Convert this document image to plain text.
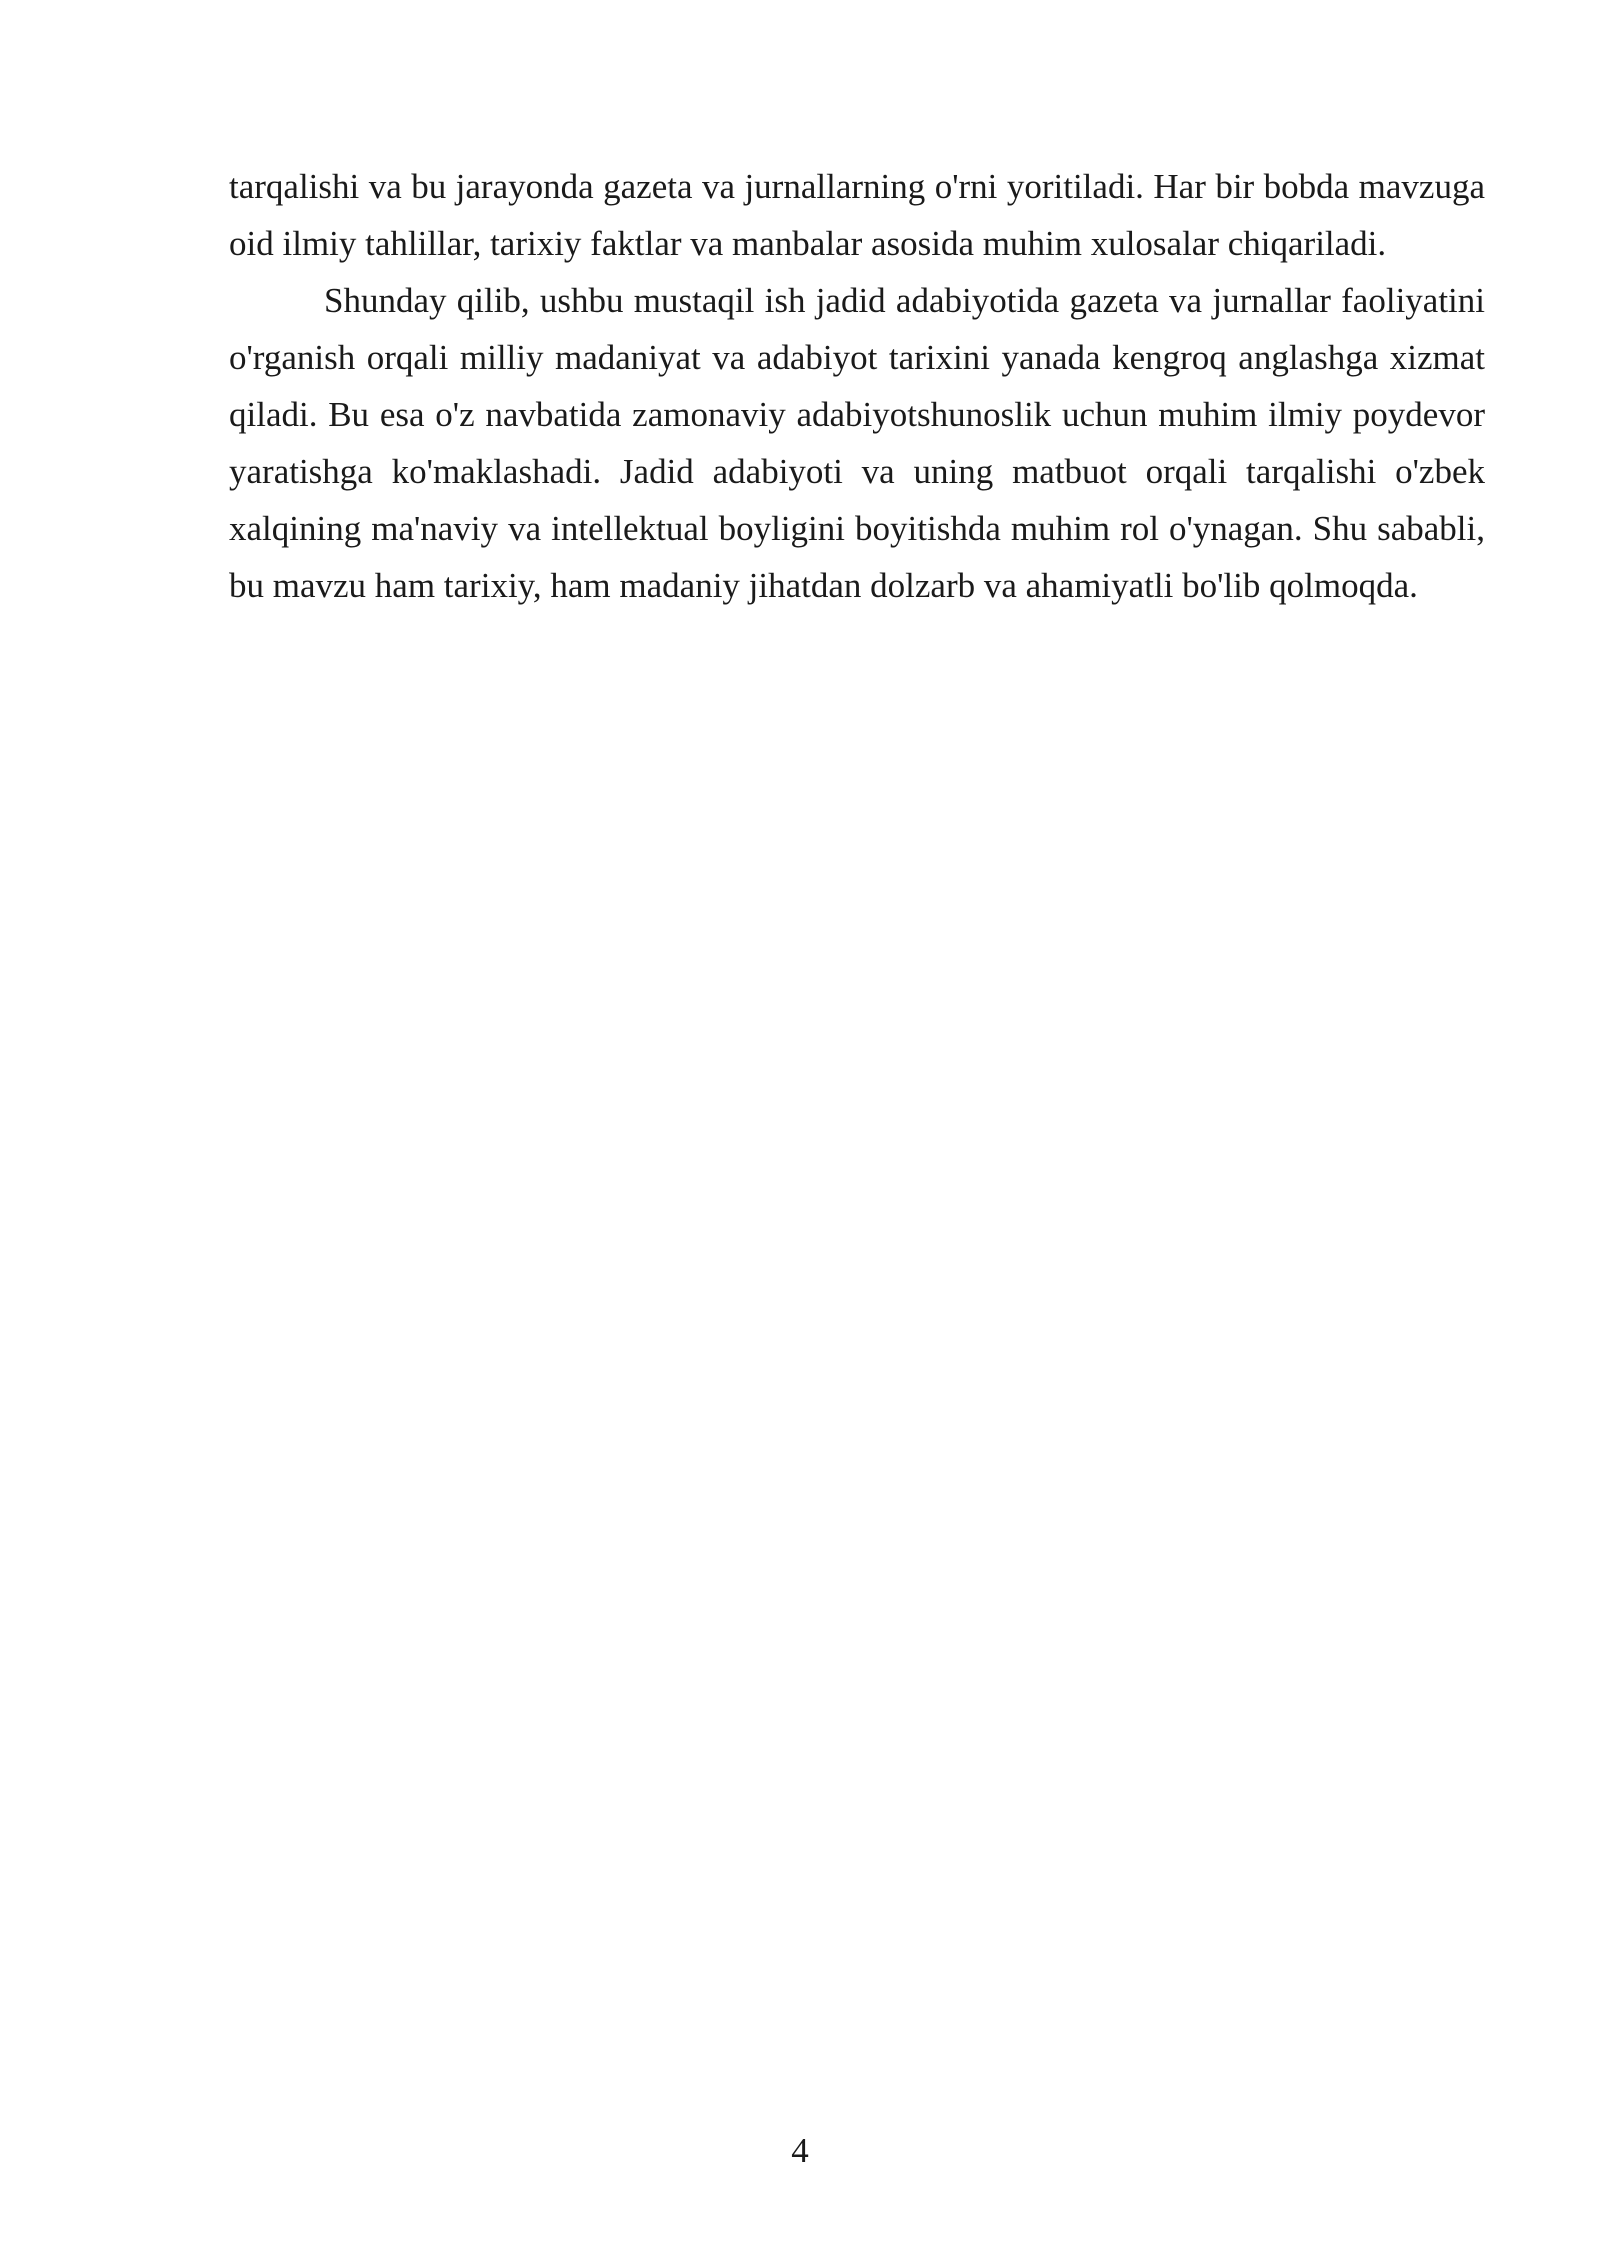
tarqalishi va bu jarayonda gazeta va jurnallarning o'rni yoritiladi. Har bir bobda mavzuga oid ilmiy tahlillar, tarixiy faktlar va manbalar asosida muhim xulosalar chiqariladi.

Shunday qilib, ushbu mustaqil ish jadid adabiyotida gazeta va jurnallar faoliyatini o'rganish orqali milliy madaniyat va adabiyot tarixini yanada kengroq anglashga xizmat qiladi. Bu esa o'z navbatida zamonaviy adabiyotshunoslik uchun muhim ilmiy poydevor yaratishga ko'maklashadi. Jadid adabiyoti va uning matbuot orqali tarqalishi o'zbek xalqining ma'naviy va intellektual boyligini boyitishda muhim rol o'ynagan. Shu sababli, bu mavzu ham tarixiy, ham madaniy jihatdan dolzarb va ahamiyatli bo'lib qolmoqda.

4
